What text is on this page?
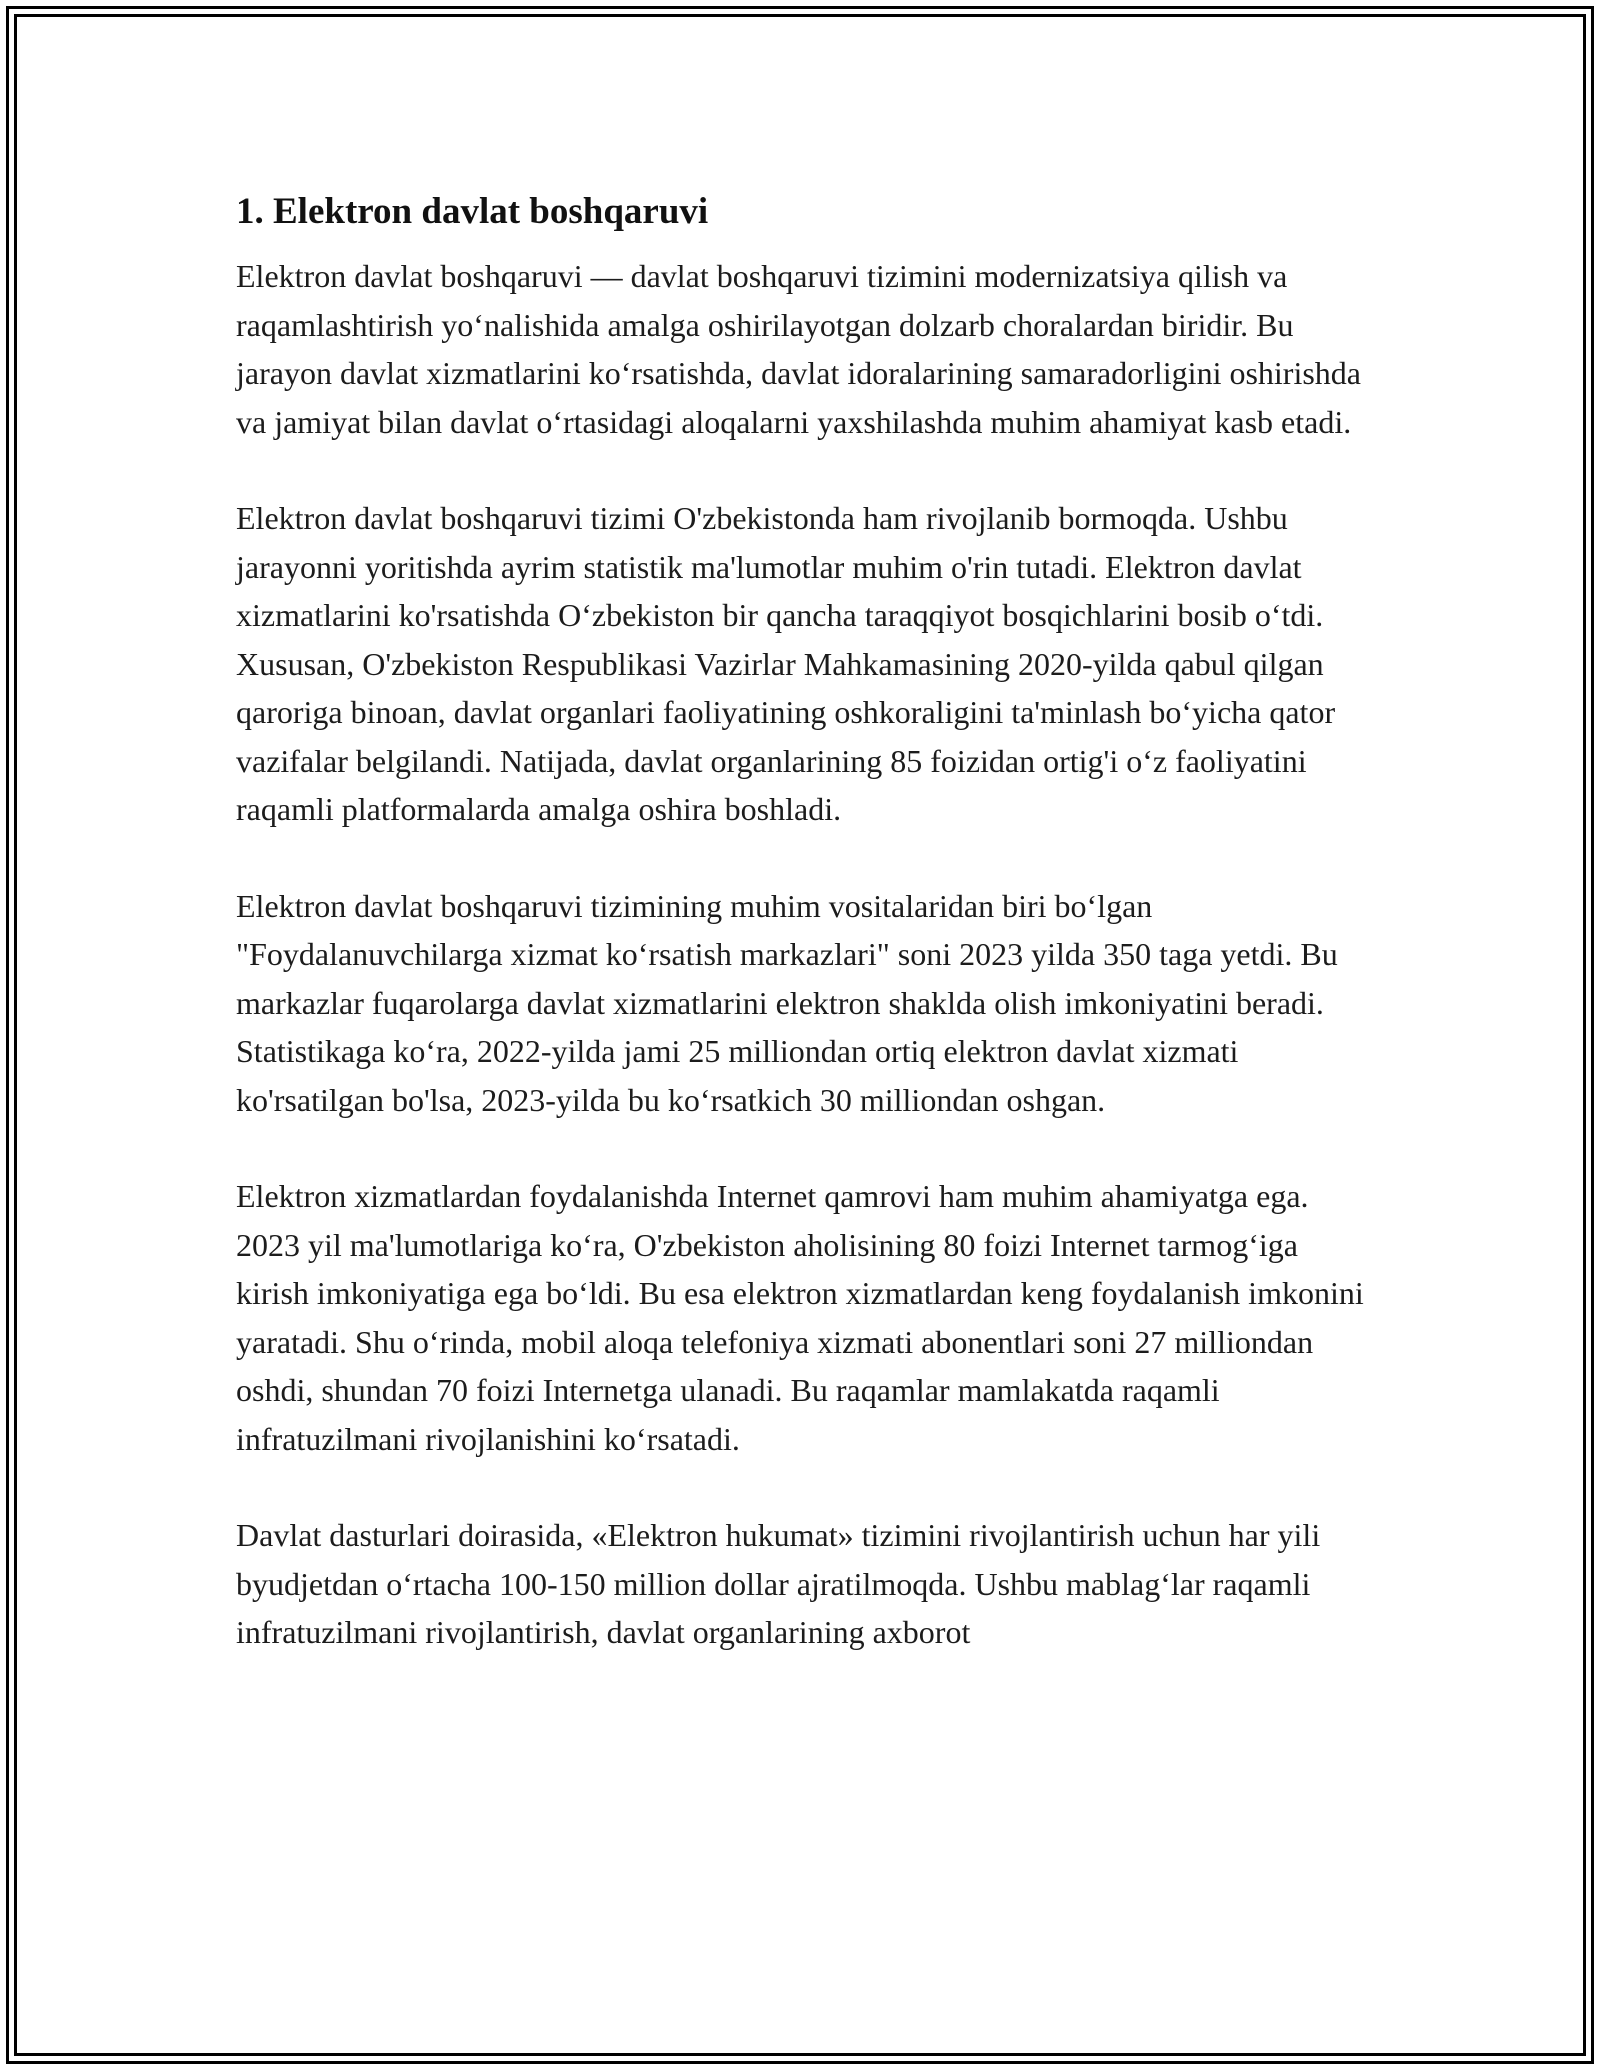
1. Elektron davlat boshqaruvi

Elektron davlat boshqaruvi — davlat boshqaruvi tizimini modernizatsiya qilish va raqamlashtirish yo‘nalishida amalga oshirilayotgan dolzarb choralardan biridir. Bu jarayon davlat xizmatlarini ko‘rsatishda, davlat idoralarining samaradorligini oshirishda va jamiyat bilan davlat o‘rtasidagi aloqalarni yaxshilashda muhim ahamiyat kasb etadi.

Elektron davlat boshqaruvi tizimi O'zbekistonda ham rivojlanib bormoqda. Ushbu jarayonni yoritishda ayrim statistik ma'lumotlar muhim o'rin tutadi. Elektron davlat xizmatlarini ko'rsatishda O‘zbekiston bir qancha taraqqiyot bosqichlarini bosib o‘tdi. Xususan, O'zbekiston Respublikasi Vazirlar Mahkamasining 2020-yilda qabul qilgan qaroriga binoan, davlat organlari faoliyatining oshkoraligini ta'minlash bo‘yicha qator vazifalar belgilandi. Natijada, davlat organlarining 85 foizidan ortig'i o‘z faoliyatini raqamli platformalarda amalga oshira boshladi.

Elektron davlat boshqaruvi tizimining muhim vositalaridan biri bo‘lgan "Foydalanuvchilarga xizmat ko‘rsatish markazlari" soni 2023 yilda 350 taga yetdi. Bu markazlar fuqarolarga davlat xizmatlarini elektron shaklda olish imkoniyatini beradi. Statistikaga ko‘ra, 2022-yilda jami 25 milliondan ortiq elektron davlat xizmati ko'rsatilgan bo'lsa, 2023-yilda bu ko‘rsatkich 30 milliondan oshgan.

Elektron xizmatlardan foydalanishda Internet qamrovi ham muhim ahamiyatga ega. 2023 yil ma'lumotlariga ko‘ra, O'zbekiston aholisining 80 foizi Internet tarmog‘iga kirish imkoniyatiga ega bo‘ldi. Bu esa elektron xizmatlardan keng foydalanish imkonini yaratadi. Shu o‘rinda, mobil aloqa telefoniya xizmati abonentlari soni 27 milliondan oshdi, shundan 70 foizi Internetga ulanadi. Bu raqamlar mamlakatda raqamli infratuzilmani rivojlanishini ko‘rsatadi.

Davlat dasturlari doirasida, «Elektron hukumat» tizimini rivojlantirish uchun har yili byudjetdan o‘rtacha 100-150 million dollar ajratilmoqda. Ushbu mablag‘lar raqamli infratuzilmani rivojlantirish, davlat organlarining axborot
